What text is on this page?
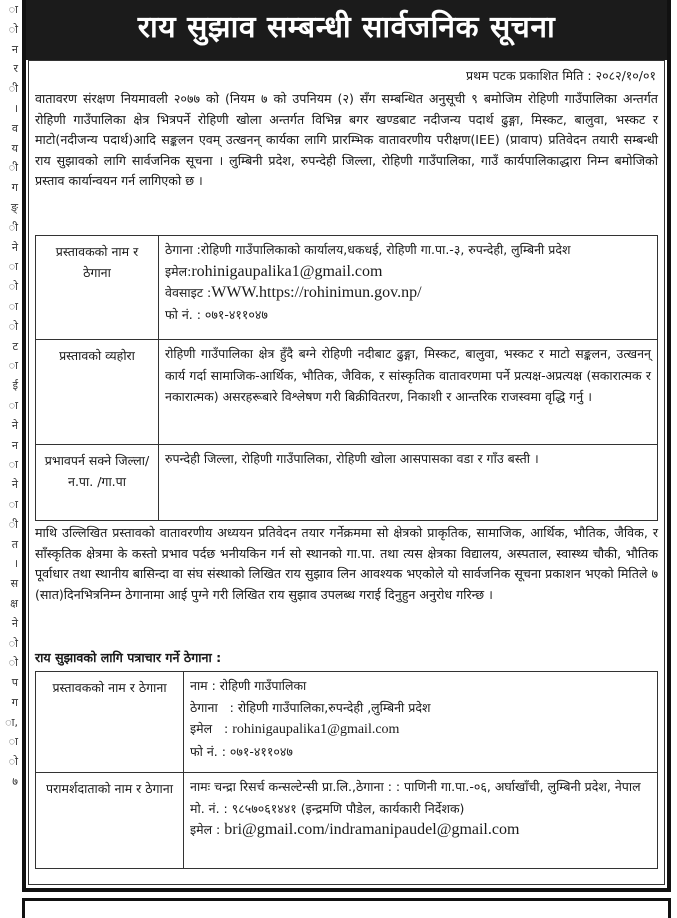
ा
ो
न
र
ी
।
व
य
ी
ग
ङ्
ी
ने
ा
ो
ा
ो
ट
ा
ई
ा
ने
न
ा
ने
ा
ी
त
।
स
क्ष
ने
ो
ो
प
ग
ा,
ा
ो
७
राय सुझाव सम्बन्धी सार्वजनिक सूचना
प्रथम पटक प्रकाशित मिति : २०८२/१०/०१
वातावरण संरक्षण नियमावली २०७७ को (नियम ७ को उपनियम (२) सँग सम्बन्धित अनुसूची ९ बमोजिम रोहिणी गाउँपालिका अन्तर्गत रोहिणी गाउँपालिका क्षेत्र भित्रपर्ने रोहिणी खोला अन्तर्गत विभिन्न बगर खण्डबाट नदीजन्य पदार्थ ढुङ्गा, मिस्कट, बालुवा, भस्कट र माटो(नदीजन्य पदार्थ)आदि सङ्कलन एवम् उत्खनन् कार्यका लागि प्रारम्भिक वातावरणीय परीक्षण(IEE) (प्रावाप) प्रतिवेदन तयारी सम्बन्धी राय सुझावको लागि सार्वजनिक सूचना । लुम्बिनी प्रदेश, रुपन्देही जिल्ला, रोहिणी गाउँपालिका, गाउँ कार्यपालिकाद्धारा निम्न बमोजिको प्रस्ताव कार्यान्वयन गर्न लागिएको छ ।
प्रस्तावकको नाम र ठेगाना	ठेगाना :रोहिणी गाउँपालिकाको कार्यालय,धकधई, रोहिणी गा.पा.-३, रुपन्देही, लुम्बिनी प्रदेश
इमेल:rohinigaupalika1@gmail.com
वेवसाइट :WWW.https://rohinimun.gov.np/
फो नं. : ०७१-४११०४७

प्रस्तावको व्यहोरा	रोहिणी गाउँपालिका क्षेत्र हुँदै बग्ने रोहिणी नदीबाट ढुङ्गा, मिस्कट, बालुवा, भस्कट र माटो सङ्कलन, उत्खनन् कार्य गर्दा सामाजिक-आर्थिक, भौतिक, जैविक, र सांस्कृतिक वातावरणमा पर्ने प्रत्यक्ष-अप्रत्यक्ष (सकारात्मक र नकारात्मक) असरहरूबारे विश्लेषण गरी बिक्रीवितरण, निकाशी र आन्तरिक राजस्वमा वृद्धि गर्नु ।
प्रभावपर्न सक्ने जिल्ला/न.पा. /गा.पा	रुपन्देही जिल्ला, रोहिणी गाउँपालिका, रोहिणी खोला आसपासका वडा र गाँउ बस्ती ।
माथि उल्लिखित प्रस्तावको वातावरणीय अध्ययन प्रतिवेदन तयार गर्नेक्रममा सो क्षेत्रको प्राकृतिक, सामाजिक, आर्थिक, भौतिक, जैविक, र साँस्कृतिक क्षेत्रमा के कस्तो प्रभाव पर्दछ भनीयकिन गर्न सो स्थानको गा.पा. तथा त्यस क्षेत्रका विद्यालय, अस्पताल, स्वास्थ्य चौकी, भौतिक पूर्वाधार तथा स्थानीय बासिन्दा वा संघ संस्थाको लिखित राय सुझाव लिन आवश्यक भएकोले यो सार्वजनिक सूचना प्रकाशन भएको मितिले ७ (सात)दिनभित्रनिम्न ठेगानामा आई पुग्ने गरी लिखित राय सुझाव उपलब्ध गराई दिनुहुन अनुरोध गरिन्छ ।
राय सुझावको लागि पत्राचार गर्ने ठेगाना :
प्रस्तावकको नाम र ठेगाना	नाम : रोहिणी गाउँपालिका
ठेगाना   : रोहिणी गाउँपालिका,रुपन्देही ,लुम्बिनी प्रदेश
इमेल   : rohinigaupalika1@gmail.com
फो नं. : ०७१-४११०४७

परामर्शदाताको नाम र ठेगाना	नामः चन्द्रा रिसर्च कन्सल्टेन्सी प्रा.लि.,ठेगाना : : पाणिनी गा.पा.-०६, अर्घाखाँची, लुम्बिनी प्रदेश, नेपाल
मो. नं. : ९८५७०६१४४१ (इन्द्रमणि पौडेल, कार्यकारी निर्देशक)
इमेल : bri@gmail.com/indramanipaudel@gmail.com
